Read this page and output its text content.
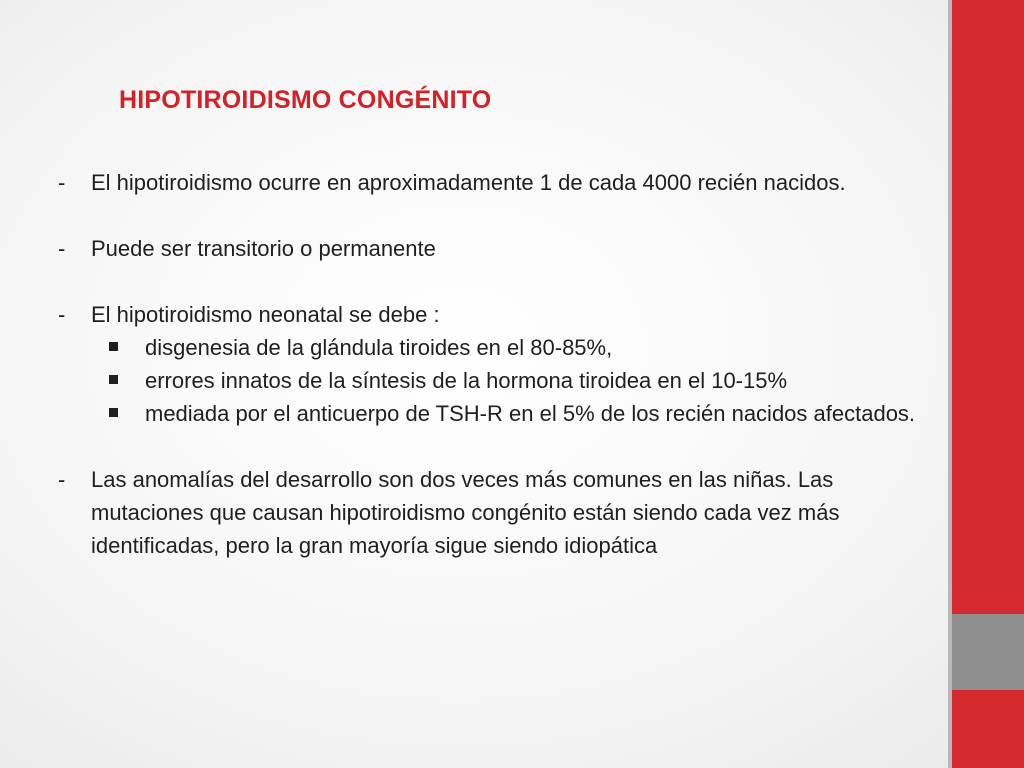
HIPOTIROIDISMO CONGÉNITO
- El hipotiroidismo ocurre en aproximadamente 1 de cada 4000 recién nacidos.
- Puede ser transitorio o permanente
- El hipotiroidismo neonatal se debe :
disgenesia de la glándula tiroides en el 80-85%,
errores innatos de la síntesis de la hormona tiroidea en el 10-15%
mediada por el anticuerpo de TSH-R en el 5% de los recién nacidos afectados.
- Las anomalías del desarrollo son dos veces más comunes en las niñas. Las mutaciones que causan hipotiroidismo congénito están siendo cada vez más identificadas, pero la gran mayoría sigue siendo idiopática
